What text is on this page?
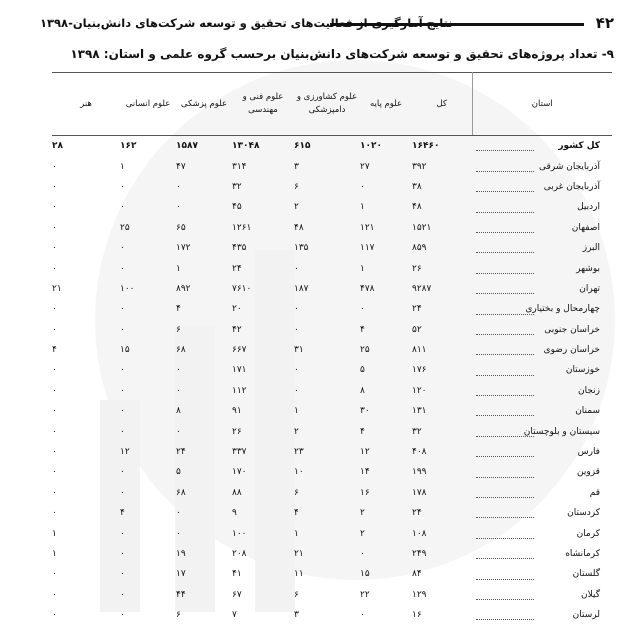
نتایج آمارگیری از فعالیت‌های تحقیق و توسعه شرکت‌های دانش‌بنیان-۱۳۹۸	۴۲
۹- تعداد پروژه‌های تحقیق و توسعه شرکت‌های دانش‌بنیان برحسب گروه علمی و استان: ۱۳۹۸
استان	کل	علوم پایه	علوم کشاورزی و دامپزشکی	علوم فنی و مهندسی	علوم پزشکی	علوم انسانی	هنر
کل کشور	۱۶۴۶۰	۱۰۲۰	۶۱۵	۱۳۰۴۸	۱۵۸۷	۱۶۲	۲۸
آذربایجان شرقی	۳۹۲	۲۷	۳	۳۱۴	۴۷	۱	۰
آذربایجان غربی	۳۸	۰	۶	۳۲	۰	۰	۰
اردبیل	۴۸	۱	۲	۴۵	۰	۰	۰
اصفهان	۱۵۲۱	۱۲۱	۴۸	۱۲۶۱	۶۵	۲۵	۰
البرز	۸۵۹	۱۱۷	۱۳۵	۴۳۵	۱۷۲	۰	۰
بوشهر	۲۶	۱	۰	۲۴	۱	۰	۰
تهران	۹۲۸۷	۴۷۸	۱۸۷	۷۶۱۰	۸۹۲	۱۰۰	۲۱
چهارمحال و بختیاری	۲۴	۰	۰	۲۰	۴	۰	۰
خراسان جنوبی	۵۲	۴	۰	۴۲	۶	۰	۰
خراسان رضوی	۸۱۱	۲۵	۳۱	۶۶۷	۶۸	۱۵	۴
خوزستان	۱۷۶	۵	۰	۱۷۱	۰	۰	۰
زنجان	۱۲۰	۸	۰	۱۱۲	۰	۰	۰
سمنان	۱۳۱	۳۰	۱	۹۱	۸	۰	۰
سیستان و بلوچستان	۳۲	۴	۲	۲۶	۰	۰	۰
فارس	۴۰۸	۱۲	۲۳	۳۳۷	۲۴	۱۲	۰
قزوین	۱۹۹	۱۴	۱۰	۱۷۰	۵	۰	۰
قم	۱۷۸	۱۶	۶	۸۸	۶۸	۰	۰
کردستان	۲۴	۲	۴	۹	۰	۴	۰
کرمان	۱۰۸	۲	۱	۱۰۰	۰	۰	۱
کرمانشاه	۲۴۹	۰	۲۱	۲۰۸	۱۹	۰	۱
گلستان	۸۴	۱۵	۱۱	۴۱	۱۷	۰	۰
گیلان	۱۲۹	۲۲	۶	۶۷	۴۴	۰	۰
لرستان	۱۶	۰	۳	۷	۶	۰	۰
